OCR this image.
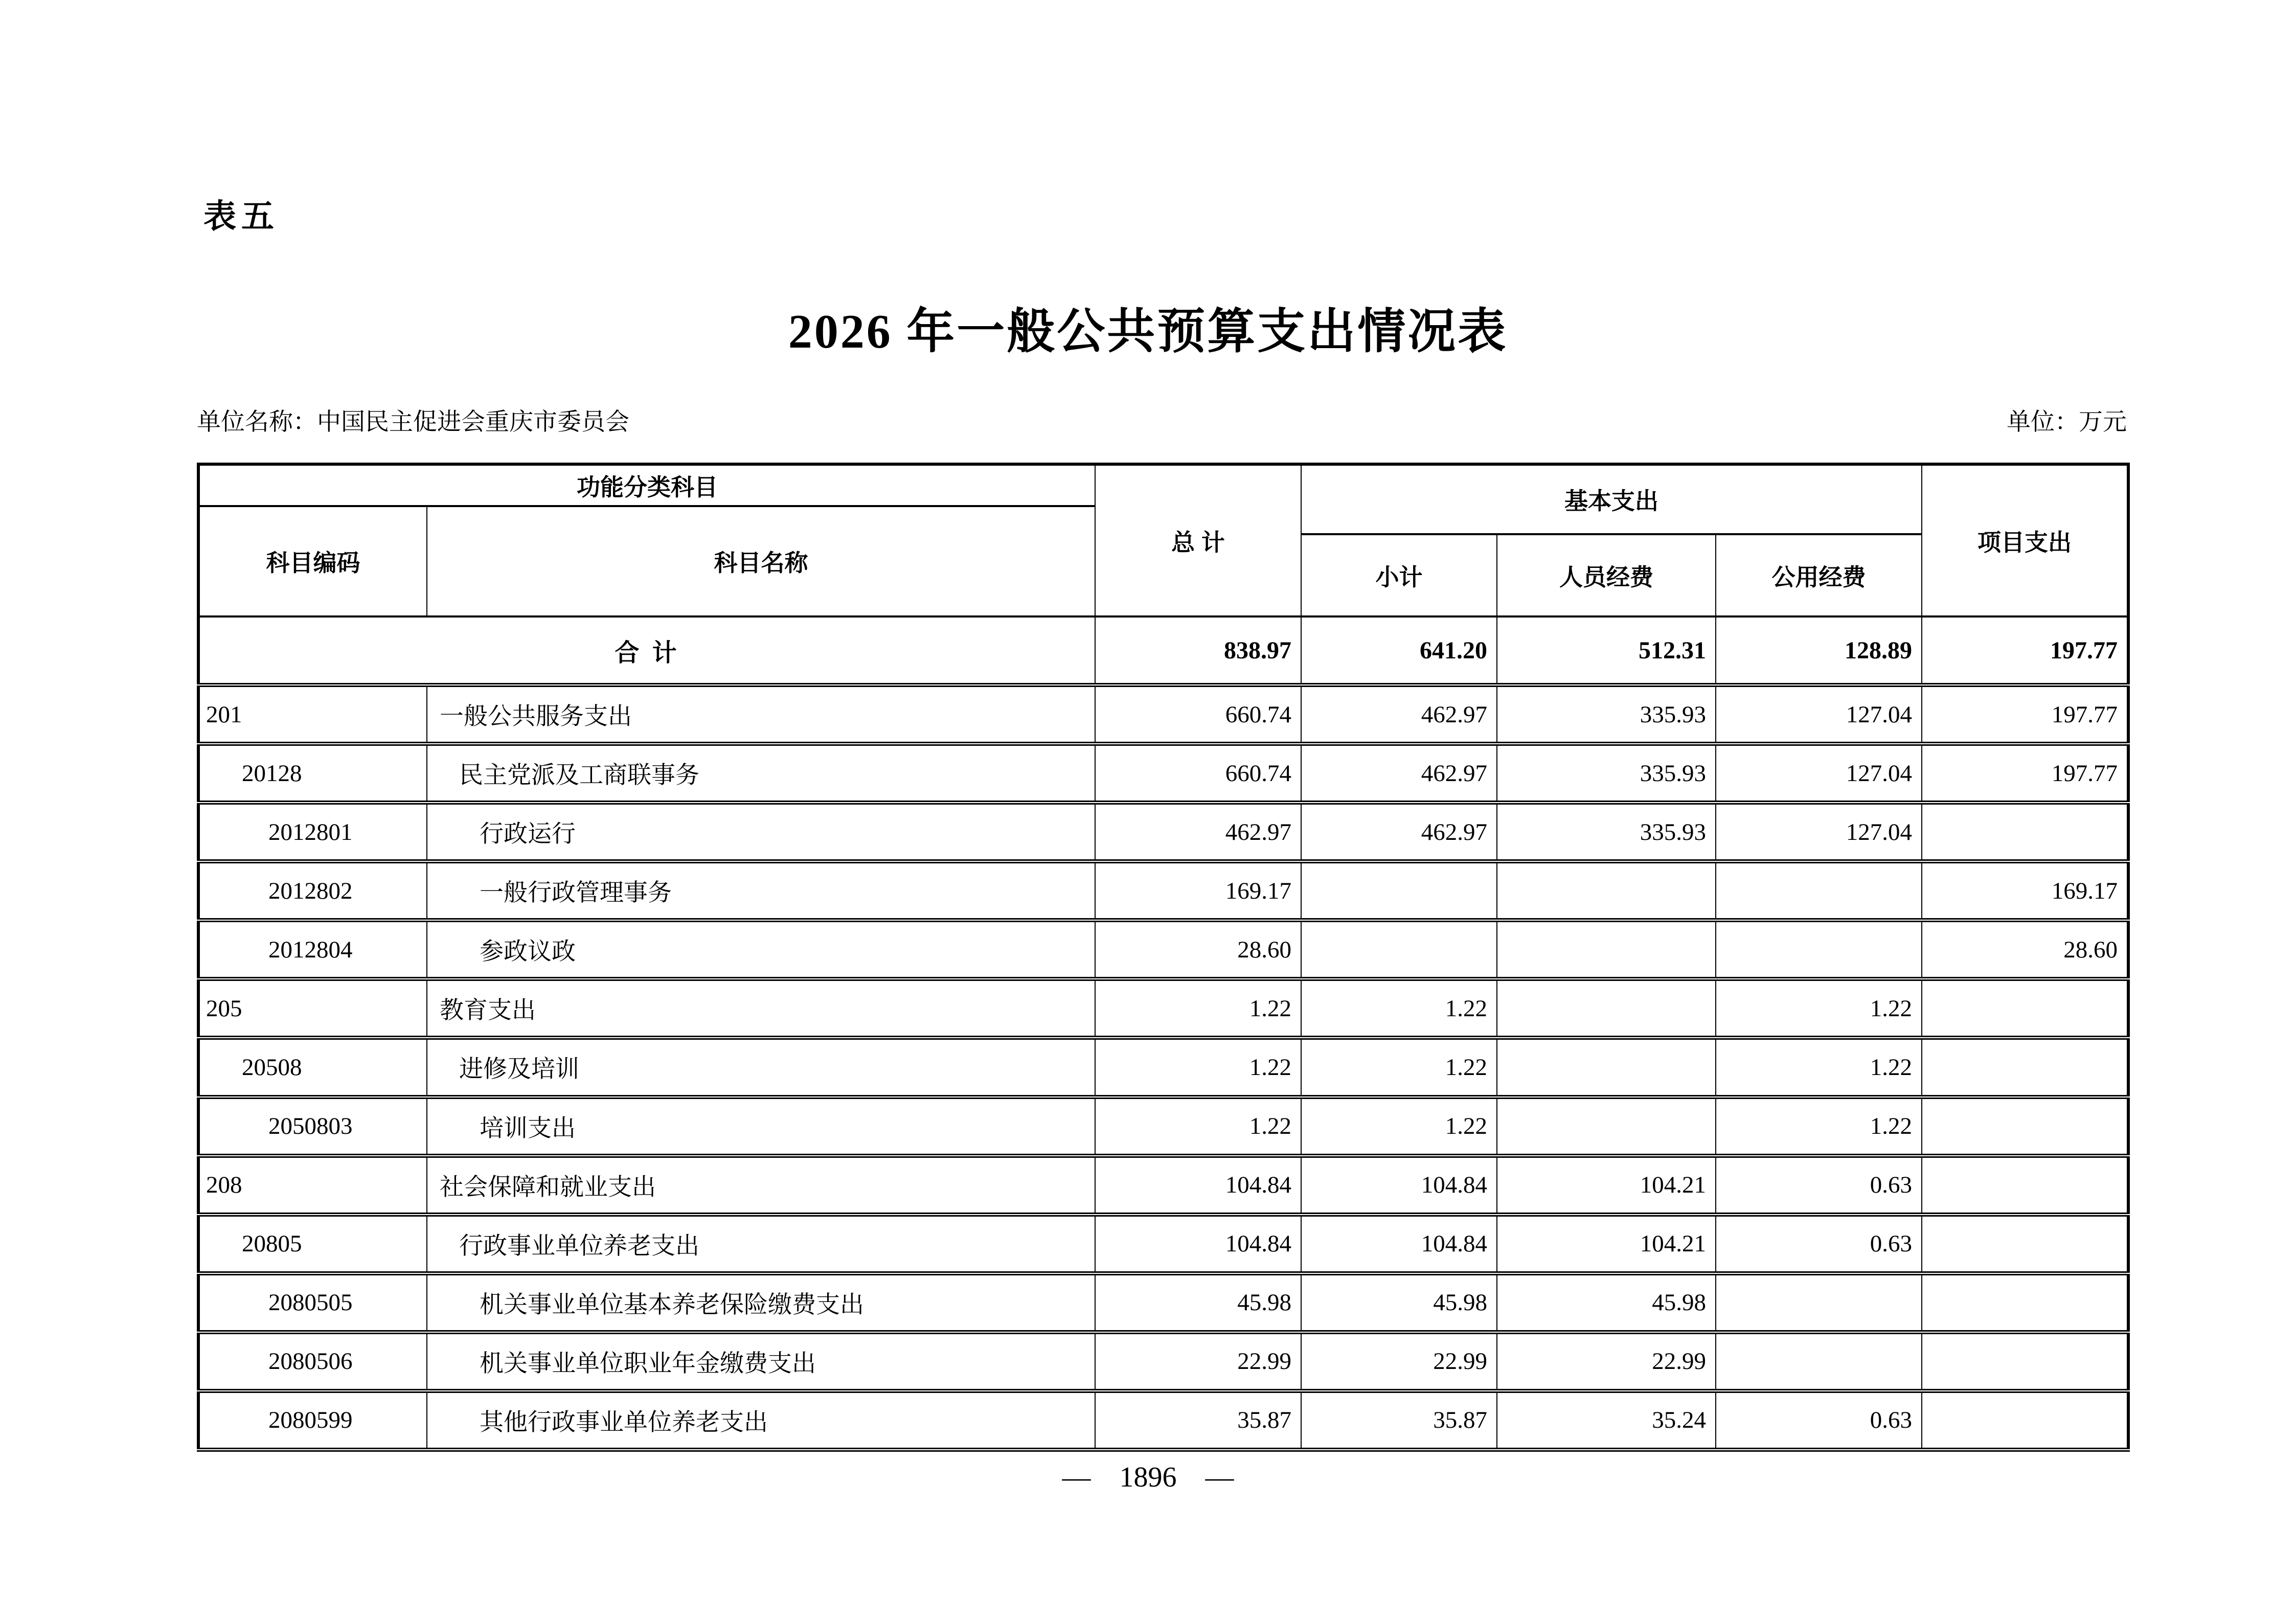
表五
2026 年一般公共预算支出情况表
单位名称：中国民主促进会重庆市委员会	单位：万元
功能分类科目		总 计	基本支出			项目支出
科目编码	科目名称					
			小计	人员经费	公用经费	
合 计		838.97	641.20	512.31	128.89	197.77
201	一般公共服务支出	660.74	462.97	335.93	127.04	197.77
20128	民主党派及工商联事务	660.74	462.97	335.93	127.04	197.77
2012801	行政运行	462.97	462.97	335.93	127.04	
2012802	一般行政管理事务	169.17				169.17
2012804	参政议政	28.60				28.60
205	教育支出	1.22	1.22		1.22	
20508	进修及培训	1.22	1.22		1.22	
2050803	培训支出	1.22	1.22		1.22	
208	社会保障和就业支出	104.84	104.84	104.21	0.63	
20805	行政事业单位养老支出	104.84	104.84	104.21	0.63	
2080505	机关事业单位基本养老保险缴费支出	45.98	45.98	45.98		
2080506	机关事业单位职业年金缴费支出	22.99	22.99	22.99		
2080599	其他行政事业单位养老支出	35.87	35.87	35.24	0.63	
— 1896 —
